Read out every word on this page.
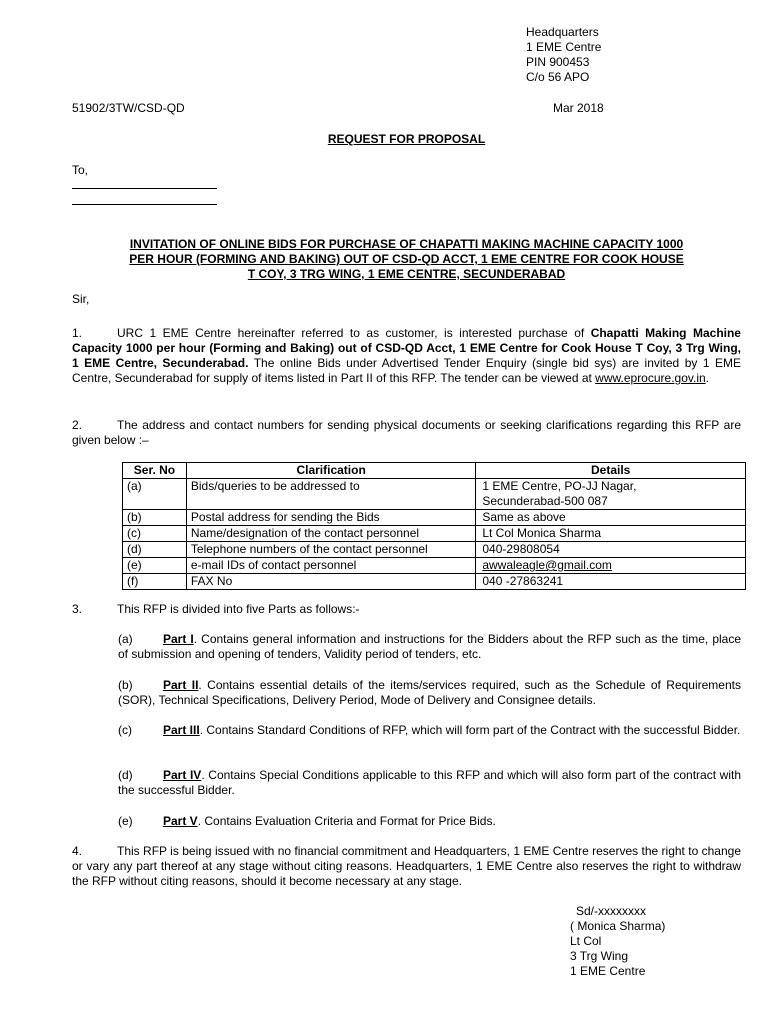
Headquarters
1 EME Centre
PIN 900453
C/o 56 APO
51902/3TW/CSD-QD	Mar 2018
REQUEST FOR PROPOSAL
To,
INVITATION OF ONLINE BIDS FOR PURCHASE OF CHAPATTI MAKING MACHINE CAPACITY 1000
PER HOUR (FORMING AND BAKING) OUT OF CSD-QD ACCT, 1 EME CENTRE FOR COOK HOUSE
T COY, 3 TRG WING, 1 EME CENTRE, SECUNDERABAD
Sir,
1.	URC 1 EME Centre hereinafter referred to as customer, is interested purchase of Chapatti Making Machine Capacity 1000 per hour (Forming and Baking) out of CSD-QD Acct, 1 EME Centre for Cook House T Coy, 3 Trg Wing, 1 EME Centre, Secunderabad. The online Bids under Advertised Tender Enquiry (single bid sys) are invited by 1 EME Centre, Secunderabad for supply of items listed in Part II of this RFP. The tender can be viewed at www.eprocure.gov.in.
2.	The address and contact numbers for sending physical documents or seeking clarifications regarding this RFP are given below :–
Ser. No	Clarification	Details
(a)	Bids/queries to be addressed to	1 EME Centre, PO-JJ Nagar,
Secunderabad-500 087

(b)	Postal address for sending the Bids	Same as above
(c)	Name/designation of the contact personnel	Lt Col Monica Sharma
(d)	Telephone numbers of the contact personnel	040-29808054
(e)	e-mail IDs of contact personnel	awwaleagle@gmail.com
(f)	FAX No	040 -27863241
3.	This RFP is divided into five Parts as follows:-
(a)	Part I. Contains general information and instructions for the Bidders about the RFP such as the time, place of submission and opening of tenders, Validity period of tenders, etc.
(b)	Part II. Contains essential details of the items/services required, such as the Schedule of Requirements (SOR), Technical Specifications, Delivery Period, Mode of Delivery and Consignee details.
(c)	Part III. Contains Standard Conditions of RFP, which will form part of the Contract with the successful Bidder.
(d)	Part IV. Contains Special Conditions applicable to this RFP and which will also form part of the contract with the successful Bidder.
(e)	Part V. Contains Evaluation Criteria and Format for Price Bids.
4.	This RFP is being issued with no financial commitment and Headquarters, 1 EME Centre reserves the right to change or vary any part thereof at any stage without citing reasons. Headquarters, 1 EME Centre also reserves the right to withdraw the RFP without citing reasons, should it become necessary at any stage.
Sd/-xxxxxxxx
( Monica Sharma)
Lt Col
3 Trg Wing
1 EME Centre
